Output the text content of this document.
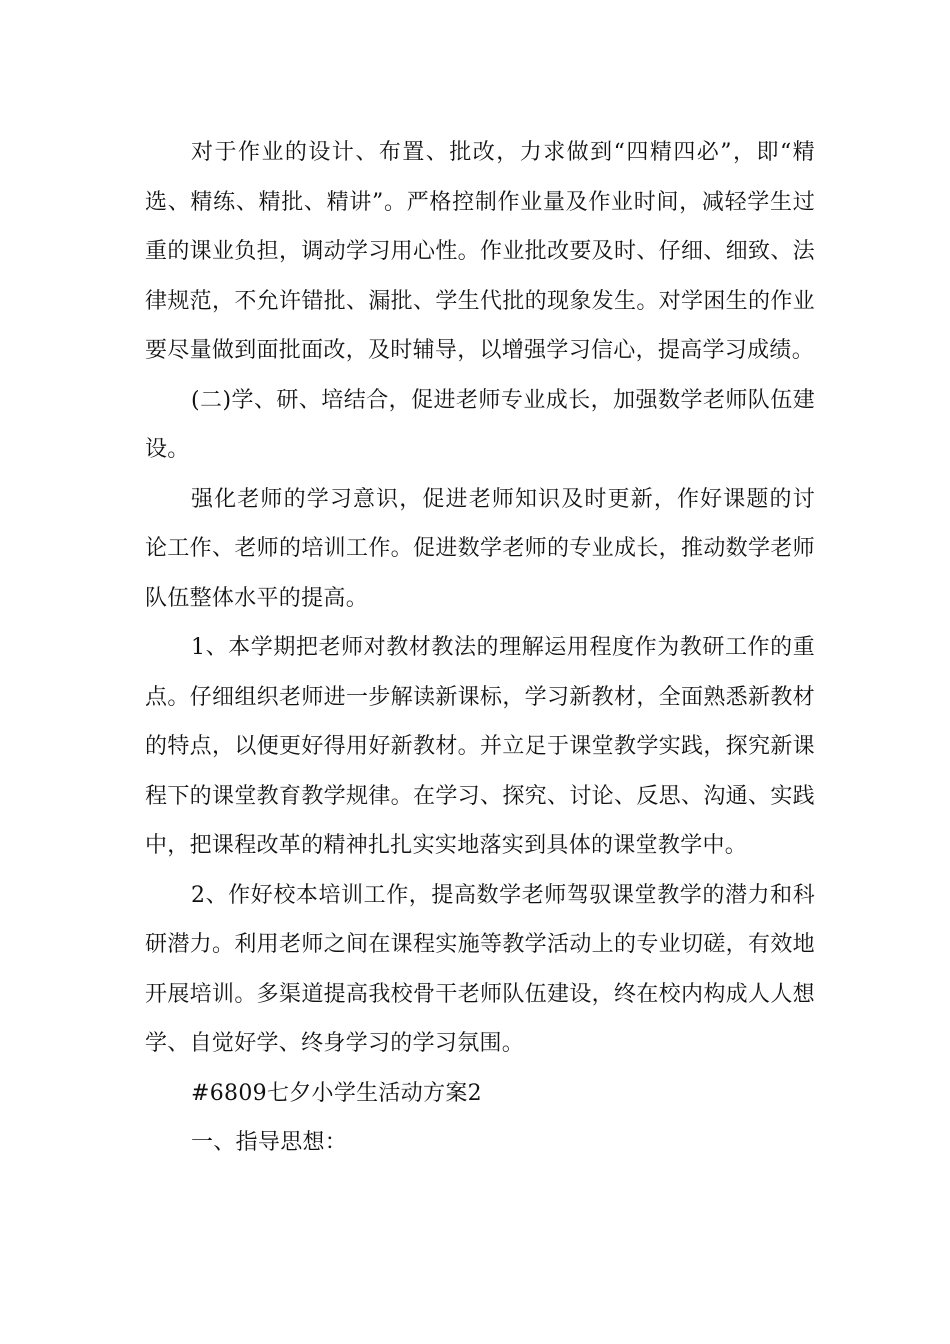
对于作业的设计、布置、批改，力求做到“四精四必”，即“精选、精练、精批、精讲”。严格控制作业量及作业时间，减轻学生过重的课业负担，调动学习用心性。作业批改要及时、仔细、细致、法律规范，不允许错批、漏批、学生代批的现象发生。对学困生的作业要尽量做到面批面改，及时辅导，以增强学习信心，提高学习成绩。

(二)学、研、培结合，促进老师专业成长，加强数学老师队伍建设。

强化老师的学习意识，促进老师知识及时更新，作好课题的讨论工作、老师的培训工作。促进数学老师的专业成长，推动数学老师队伍整体水平的提高。

1、本学期把老师对教材教法的理解运用程度作为教研工作的重点。仔细组织老师进一步解读新课标，学习新教材，全面熟悉新教材的特点，以便更好得用好新教材。并立足于课堂教学实践，探究新课程下的课堂教育教学规律。在学习、探究、讨论、反思、沟通、实践中，把课程改革的精神扎扎实实地落实到具体的课堂教学中。

2、作好校本培训工作，提高数学老师驾驭课堂教学的潜力和科研潜力。利用老师之间在课程实施等教学活动上的专业切磋，有效地开展培训。多渠道提高我校骨干老师队伍建设，终在校内构成人人想学、自觉好学、终身学习的学习氛围。

#6809七夕小学生活动方案2

一、指导思想：
